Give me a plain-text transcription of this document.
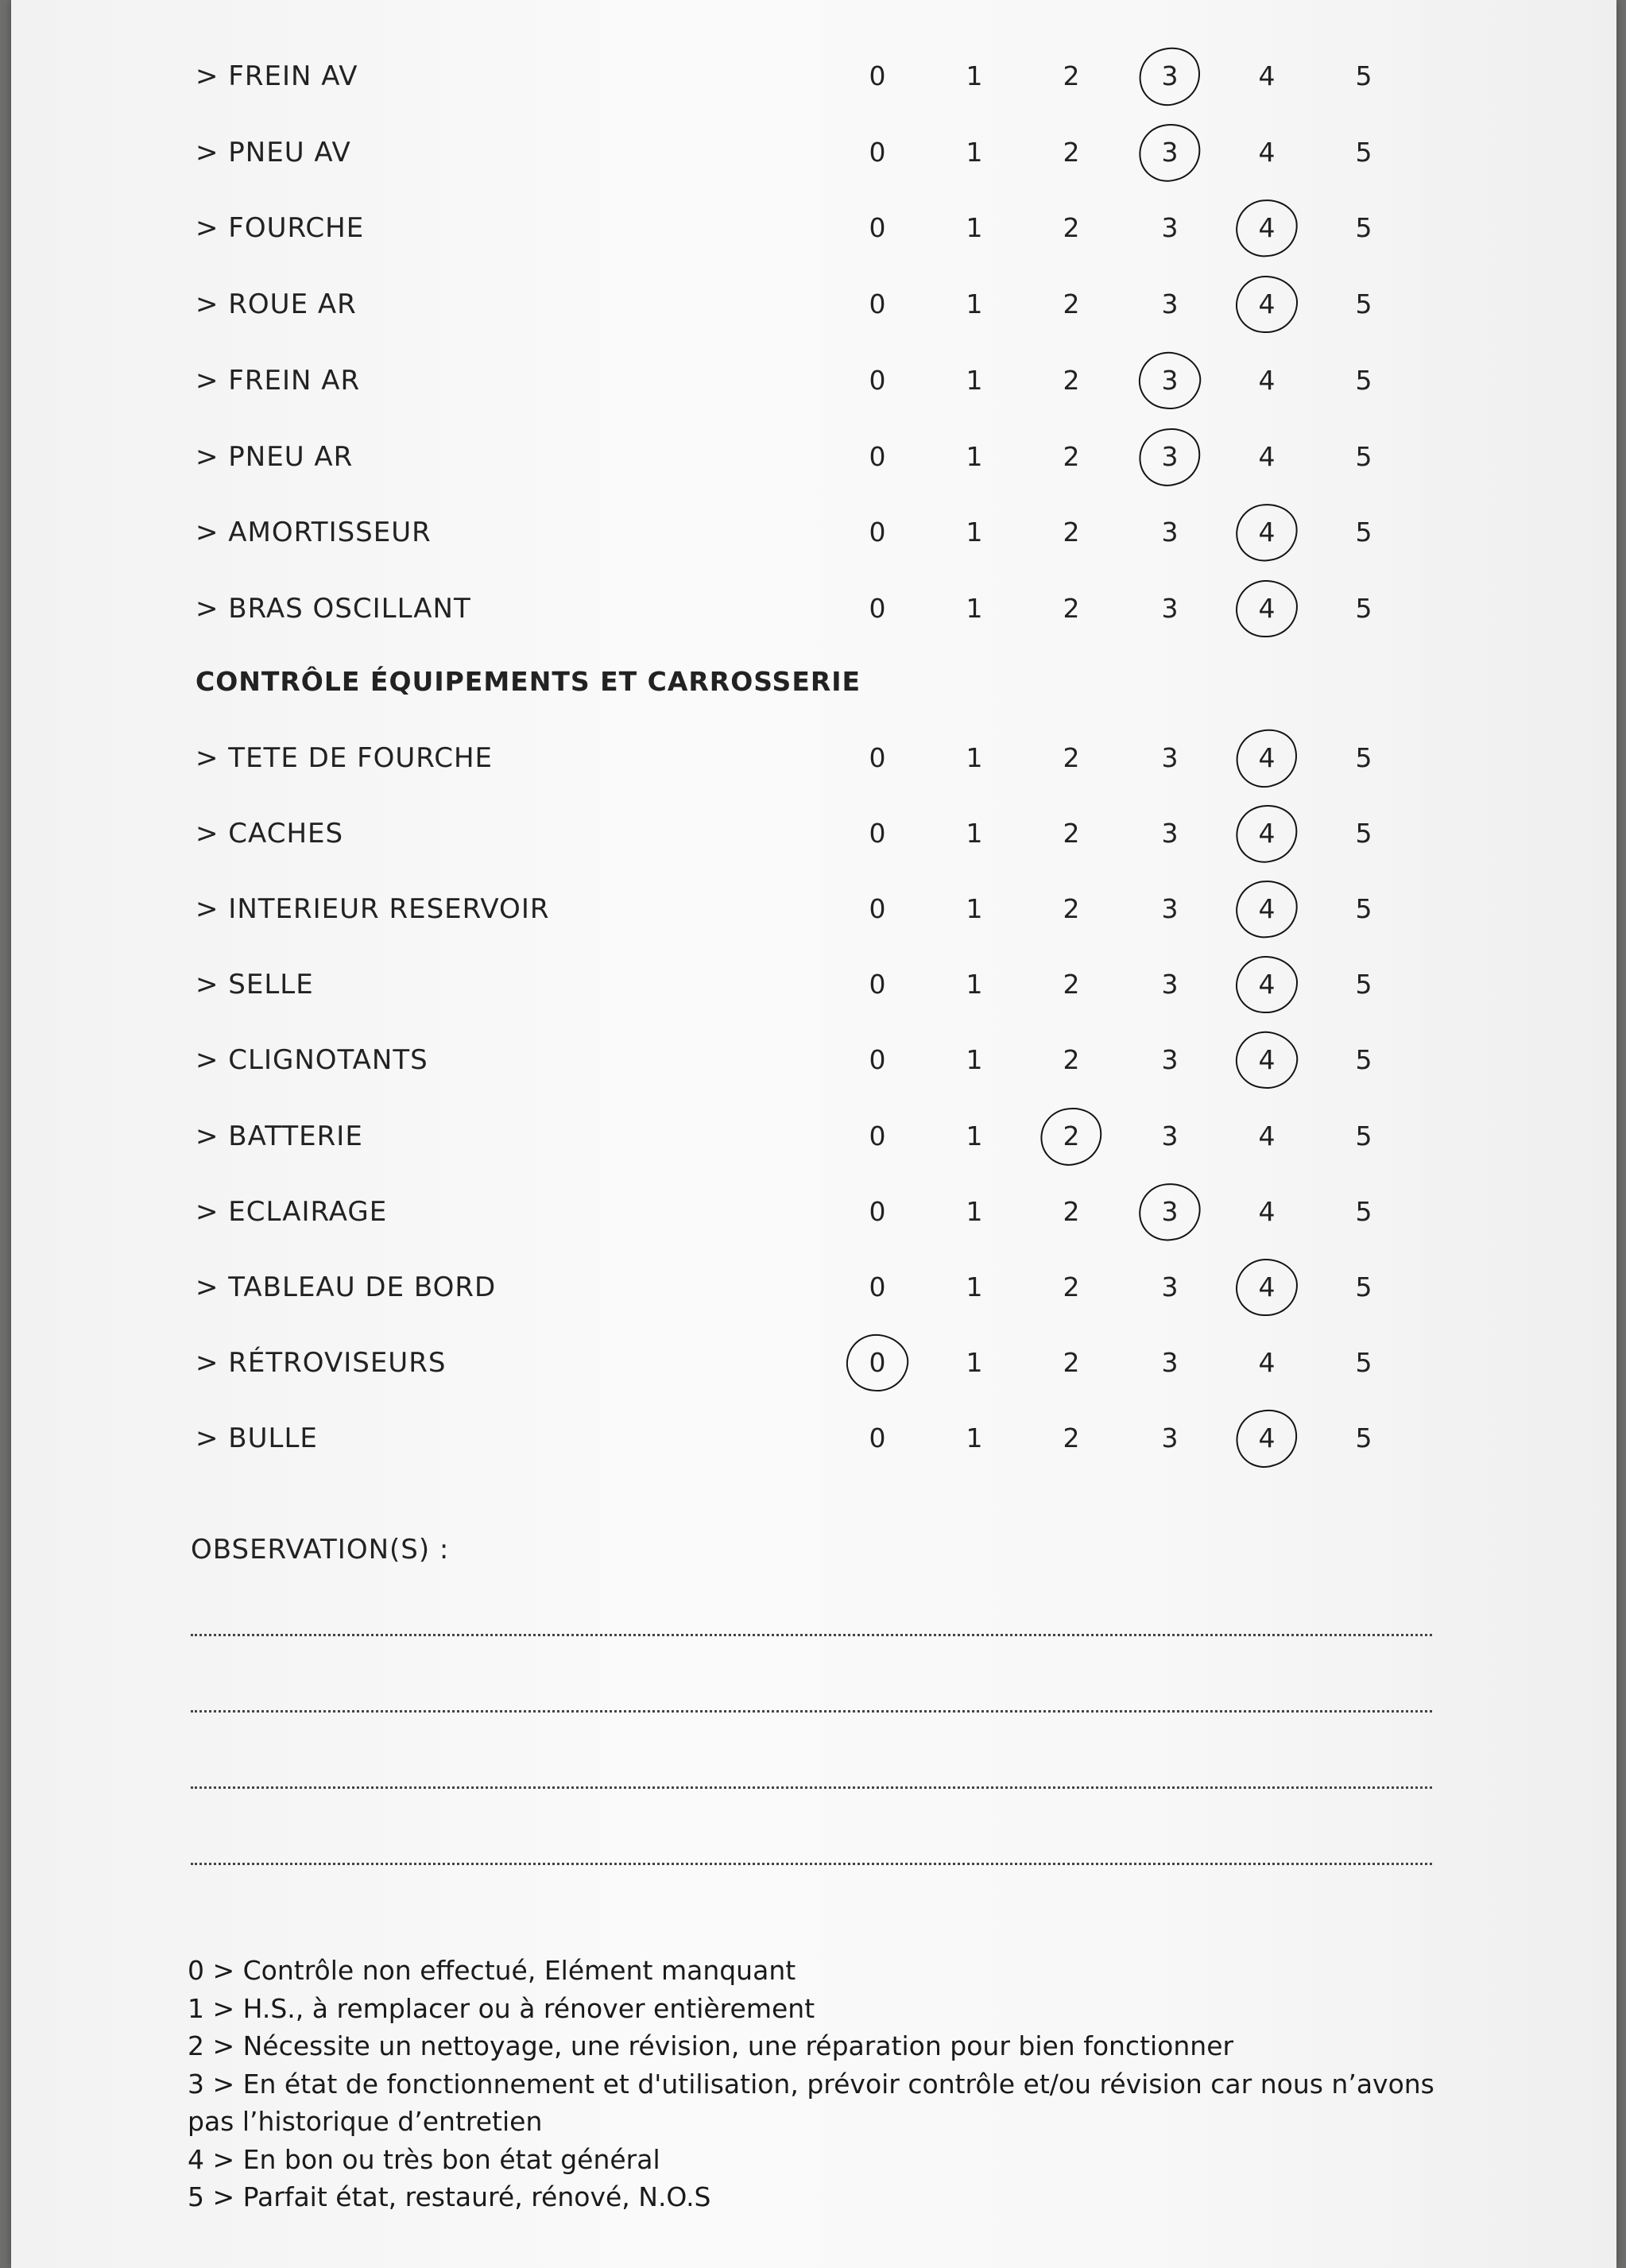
> FREIN AV	0	1	2	3	4	5
> PNEU AV	0	1	2	3	4	5
> FOURCHE	0	1	2	3	4	5
> ROUE AR	0	1	2	3	4	5
> FREIN AR	0	1	2	3	4	5
> PNEU AR	0	1	2	3	4	5
> AMORTISSEUR	0	1	2	3	4	5
> BRAS OSCILLANT	0	1	2	3	4	5
CONTRÔLE ÉQUIPEMENTS ET CARROSSERIE
> TETE DE FOURCHE	0	1	2	3	4	5
> CACHES	0	1	2	3	4	5
> INTERIEUR RESERVOIR	0	1	2	3	4	5
> SELLE	0	1	2	3	4	5
> CLIGNOTANTS	0	1	2	3	4	5
> BATTERIE	0	1	2	3	4	5
> ECLAIRAGE	0	1	2	3	4	5
> TABLEAU DE BORD	0	1	2	3	4	5
> RÉTROVISEURS	0	1	2	3	4	5
> BULLE	0	1	2	3	4	5
OBSERVATION(S) :
0 > Contrôle non effectué, Elément manquant
1 > H.S., à remplacer ou à rénover entièrement
2 > Nécessite un nettoyage, une révision, une réparation pour bien fonctionner
3 > En état de fonctionnement et d'utilisation, prévoir contrôle et/ou révision car nous n’avons pas l’historique d’entretien
4 > En bon ou très bon état général
5 > Parfait état, restauré, rénové, N.O.S
